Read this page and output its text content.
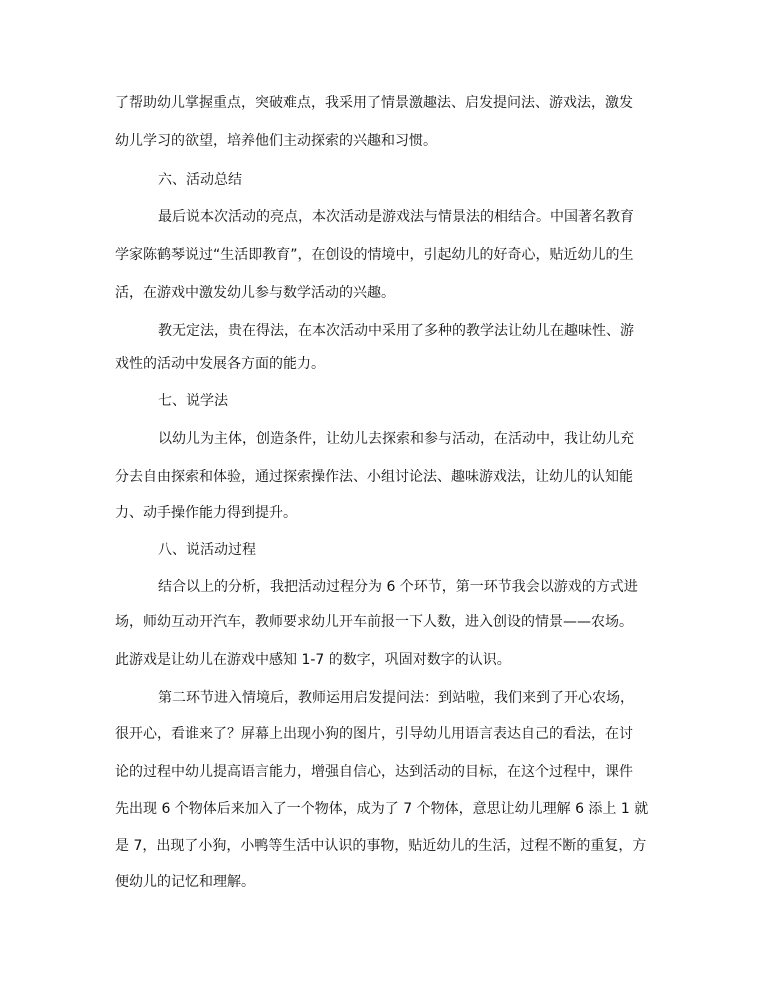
了帮助幼儿掌握重点，突破难点，我采用了情景激趣法、启发提问法、游戏法，激发
幼儿学习的欲望，培养他们主动探索的兴趣和习惯。
六、活动总结
最后说本次活动的亮点，本次活动是游戏法与情景法的相结合。中国著名教育
学家陈鹤琴说过“生活即教育”，在创设的情境中，引起幼儿的好奇心，贴近幼儿的生
活，在游戏中激发幼儿参与数学活动的兴趣。
教无定法，贵在得法，在本次活动中采用了多种的教学法让幼儿在趣味性、游
戏性的活动中发展各方面的能力。
七、说学法
以幼儿为主体，创造条件，让幼儿去探索和参与活动，在活动中，我让幼儿充
分去自由探索和体验，通过探索操作法、小组讨论法、趣味游戏法，让幼儿的认知能
力、动手操作能力得到提升。
八、说活动过程
结合以上的分析，我把活动过程分为 6 个环节，第一环节我会以游戏的方式进
场，师幼互动开汽车，教师要求幼儿开车前报一下人数，进入创设的情景——农场。
此游戏是让幼儿在游戏中感知 1-7 的数字，巩固对数字的认识。
第二环节进入情境后，教师运用启发提问法：到站啦，我们来到了开心农场，
很开心，看谁来了？屏幕上出现小狗的图片，引导幼儿用语言表达自己的看法，在讨
论的过程中幼儿提高语言能力，增强自信心，达到活动的目标，在这个过程中，课件
先出现 6 个物体后来加入了一个物体，成为了 7 个物体，意思让幼儿理解 6 添上 1 就
是 7，出现了小狗，小鸭等生活中认识的事物，贴近幼儿的生活，过程不断的重复，方
便幼儿的记忆和理解。
